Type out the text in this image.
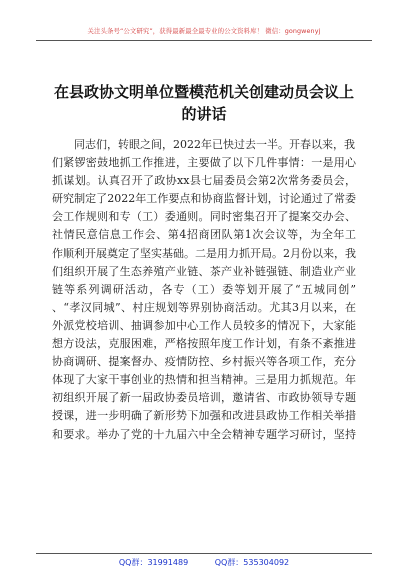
关注头条号“公文研究”，获得最新最全最专业的公文资料库！ 微信：gongwenyj
在县政协文明单位暨模范机关创建动员会议上
的讲话
　　同志们，转眼之间，2022年已快过去一半。开春以来，我
们紧锣密鼓地抓工作推进，主要做了以下几件事情：一是用心
抓谋划。认真召开了政协xx县七届委员会第2次常务委员会，
研究制定了2022年工作要点和协商监督计划，讨论通过了常委
会工作规则和专（工）委通则。同时密集召开了提案交办会、
社情民意信息工作会、第4招商团队第1次会议等，为全年工
作顺利开展奠定了坚实基础。二是用力抓开局。2月份以来，我
们组织开展了生态养殖产业链、茶产业补链强链、制造业产业
链等系列调研活动，各专（工）委等划开展了“五城同创”
、“孝汉同城”、村庄规划等界别协商活动。尤其3月以来，在
外派党校培训、抽调参加中心工作人员较多的情况下，大家能
想方设法，克服困难，严格按照年度工作计划，有条不紊推进
协商调研、提案督办、疫情防控、乡村振兴等各项工作，充分
体现了大家干事创业的热情和担当精神。三是用力抓规范。年
初组织开展了新一届政协委员培训，邀请省、市政协领导专题
授课，进一步明确了新形势下加强和改进县政协工作相关举措
和要求。举办了党的十九届六中全会精神专题学习研讨，坚持
QQ群：31991489	QQ群：535304092
